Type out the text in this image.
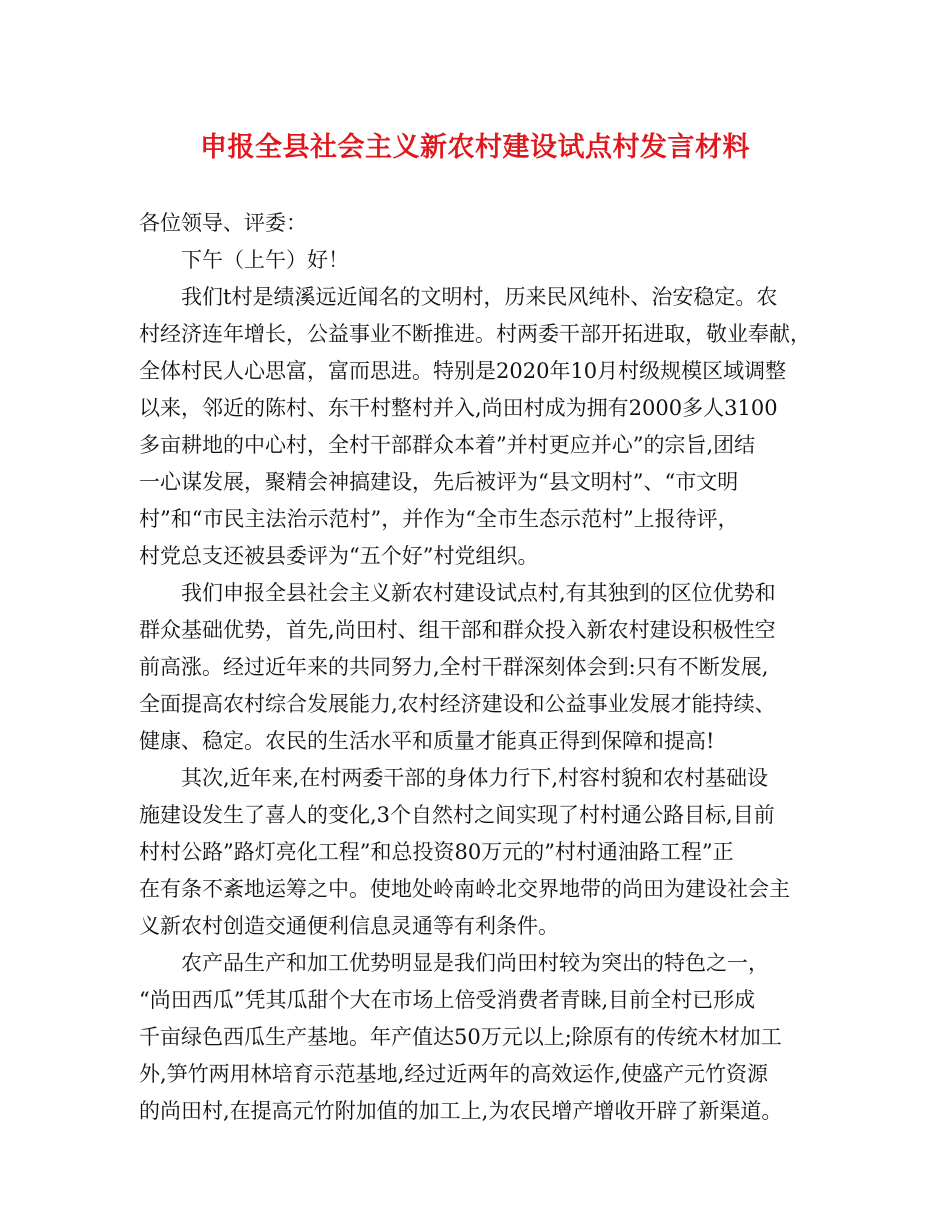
申报全县社会主义新农村建设试点村发言材料
各位领导、评委：
下午（上午）好！
我们t村是绩溪远近闻名的文明村，历来民风纯朴、治安稳定。农
村经济连年增长，公益事业不断推进。村两委干部开拓进取，敬业奉献，
全体村民人心思富，富而思进。特别是2020年10月村级规模区域调整
以来，邻近的陈村、东干村整村并入,尚田村成为拥有2000多人3100
多亩耕地的中心村，全村干部群众本着”并村更应并心”的宗旨,团结
一心谋发展，聚精会神搞建设，先后被评为“县文明村”、“市文明
村”和“市民主法治示范村”，并作为“全市生态示范村”上报待评，
村党总支还被县委评为“五个好”村党组织。
我们申报全县社会主义新农村建设试点村,有其独到的区位优势和
群众基础优势，首先,尚田村、组干部和群众投入新农村建设积极性空
前高涨。经过近年来的共同努力,全村干群深刻体会到:只有不断发展,
全面提高农村综合发展能力,农村经济建设和公益事业发展才能持续、
健康、稳定。农民的生活水平和质量才能真正得到保障和提高!
其次,近年来,在村两委干部的身体力行下,村容村貌和农村基础设
施建设发生了喜人的变化,3个自然村之间实现了村村通公路目标,目前
村村公路”路灯亮化工程”和总投资80万元的”村村通油路工程”正
在有条不紊地运筹之中。使地处岭南岭北交界地带的尚田为建设社会主
义新农村创造交通便利信息灵通等有利条件。
农产品生产和加工优势明显是我们尚田村较为突出的特色之一，
“尚田西瓜”凭其瓜甜个大在市场上倍受消费者青睐,目前全村已形成
千亩绿色西瓜生产基地。年产值达50万元以上;除原有的传统木材加工
外,笋竹两用林培育示范基地,经过近两年的高效运作,使盛产元竹资源
的尚田村,在提高元竹附加值的加工上,为农民增产增收开辟了新渠道。
